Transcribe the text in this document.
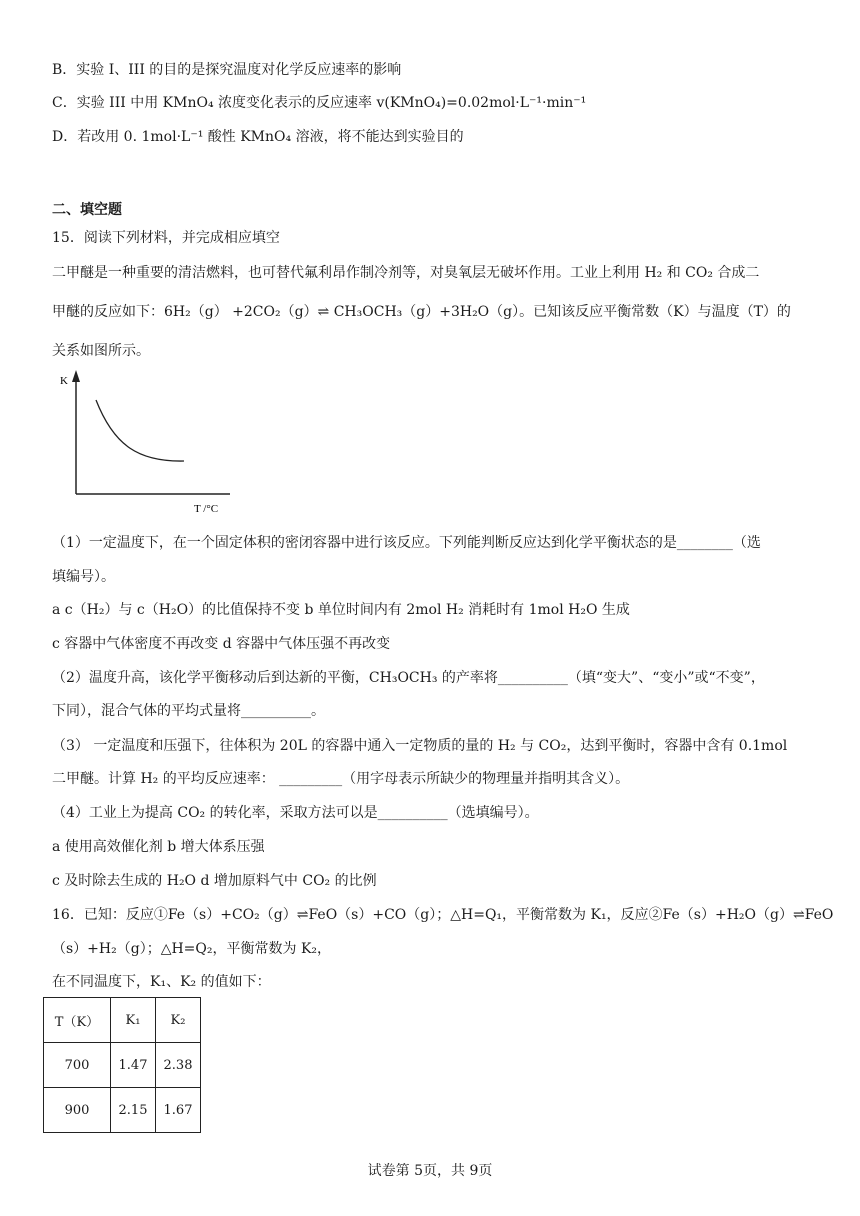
B．实验 I、III 的目的是探究温度对化学反应速率的影响
C．实验 III 中用 KMnO₄ 浓度变化表示的反应速率 v(KMnO₄)=0.02mol·L⁻¹·min⁻¹
D．若改用 0. 1mol·L⁻¹ 酸性 KMnO₄ 溶液，将不能达到实验目的
二、填空题
15．阅读下列材料，并完成相应填空
二甲醚是一种重要的清洁燃料，也可替代氟利昂作制冷剂等，对臭氧层无破坏作用。工业上利用 H₂ 和 CO₂ 合成二
甲醚的反应如下：6H₂（g） +2CO₂（g）⇌ CH₃OCH₃（g）+3H₂O（g）。已知该反应平衡常数（K）与温度（T）的
关系如图所示。
K
T /°C
（1）一定温度下，在一个固定体积的密闭容器中进行该反应。下列能判断反应达到化学平衡状态的是________（选
填编号）。
a c（H₂）与 c（H₂O）的比值保持不变 b 单位时间内有 2mol H₂ 消耗时有 1mol H₂O 生成
c 容器中气体密度不再改变 d 容器中气体压强不再改变
（2）温度升高，该化学平衡移动后到达新的平衡，CH₃OCH₃ 的产率将__________（填“变大”、“变小”或“不变”，
下同），混合气体的平均式量将__________。
（3） 一定温度和压强下，往体积为 20L 的容器中通入一定物质的量的 H₂ 与 CO₂，达到平衡时，容器中含有 0.1mol
二甲醚。计算 H₂ 的平均反应速率： _________（用字母表示所缺少的物理量并指明其含义）。
（4）工业上为提高 CO₂ 的转化率，采取方法可以是__________（选填编号）。
a 使用高效催化剂 b 增大体系压强
c 及时除去生成的 H₂O d 增加原料气中 CO₂ 的比例
16．已知：反应①Fe（s）+CO₂（g）⇌FeO（s）+CO（g）；△H=Q₁，平衡常数为 K₁，反应②Fe（s）+H₂O（g）⇌FeO
（s）+H₂（g）；△H=Q₂，平衡常数为 K₂，
在不同温度下，K₁、K₂ 的值如下：
T（K）	K₁	K₂
700	1.47	2.38
900	2.15	1.67
试卷第 5页，共 9页
